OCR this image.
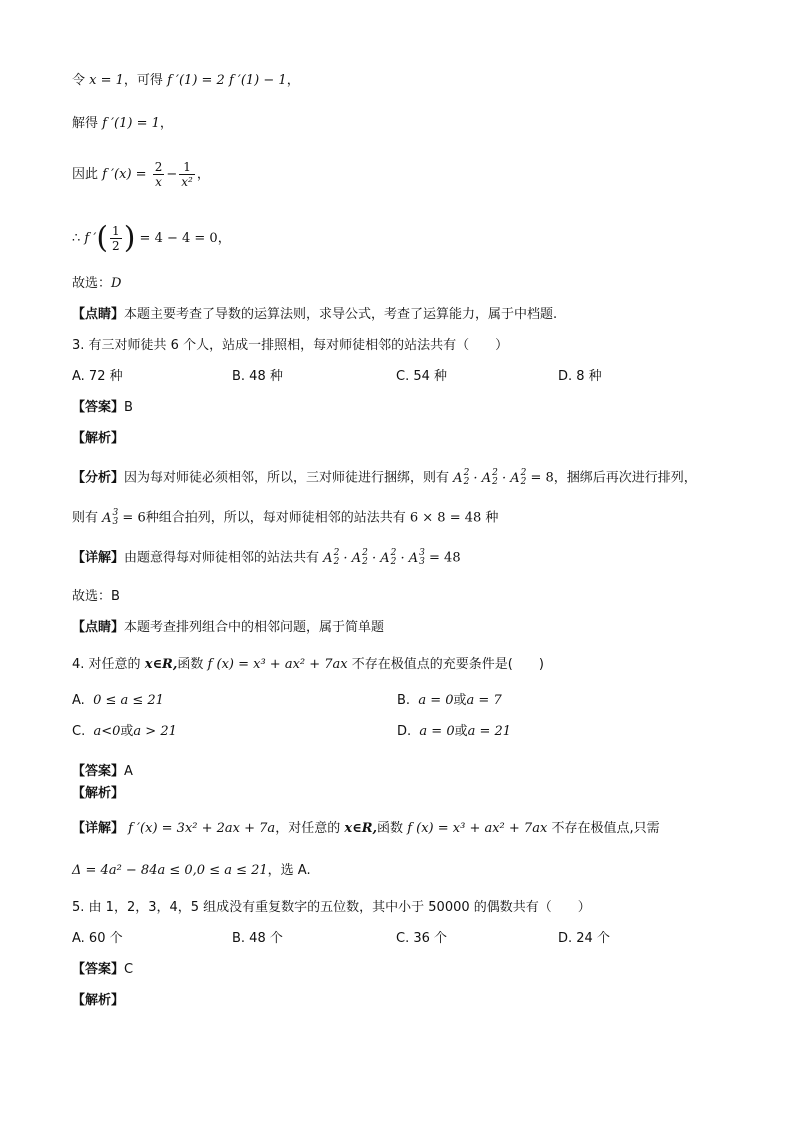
令 x = 1，可得 f ′(1) = 2 f ′(1) − 1，
解得 f ′(1) = 1，
因此 f $'(x) = \frac{2}{x} - \frac{1}{\text{x²}}$ ，
∴ f ′( $\frac{1}{2}$ ) = 4 − 4 = 0，
故选：D
【点睛】本题主要考查了导数的运算法则，求导公式，考查了运算能力，属于中档题.
3. 有三对师徒共 6 个人，站成一排照相，每对师徒相邻的站法共有（　　）
A. 72 种	B. 48 种	C. 54 种	D. 8 种
【答案】B
【解析】
【分析】因为每对师徒必须相邻，所以，三对师徒进行捆绑，则有 A 2
2 · A 2
2 · A 2
2 = 8，捆绑后再次进行排列，
则有 A 3
3 = 6种组合拍列，所以，每对师徒相邻的站法共有 6 × 8 = 48 种
【详解】由题意得每对师徒相邻的站法共有 A 2
2 · A 2
2 · A 2
2 · A 3
3 = 48
故选：B
【点睛】本题考查排列组合中的相邻问题，属于简单题
4. 对任意的 x∈R,函数 f (x) = x³ + ax² + 7ax 不存在极值点的充要条件是(　　)
A. 0 ≤ a ≤ 21	B. a = 0或a = 7
C. a<0或a > 21	D. a = 0或a = 21
【答案】A
【解析】
【详解】 f ′(x) = 3x² + 2ax + 7a，对任意的 x∈R,函数 f (x) = x³ + ax² + 7ax 不存在极值点,只需
Δ = 4a² − 84a ≤ 0,0 ≤ a ≤ 21，选 A.
5. 由 1，2，3，4，5 组成没有重复数字的五位数，其中小于 50000 的偶数共有（　　）
A. 60 个	B. 48 个	C. 36 个	D. 24 个
【答案】C
【解析】
